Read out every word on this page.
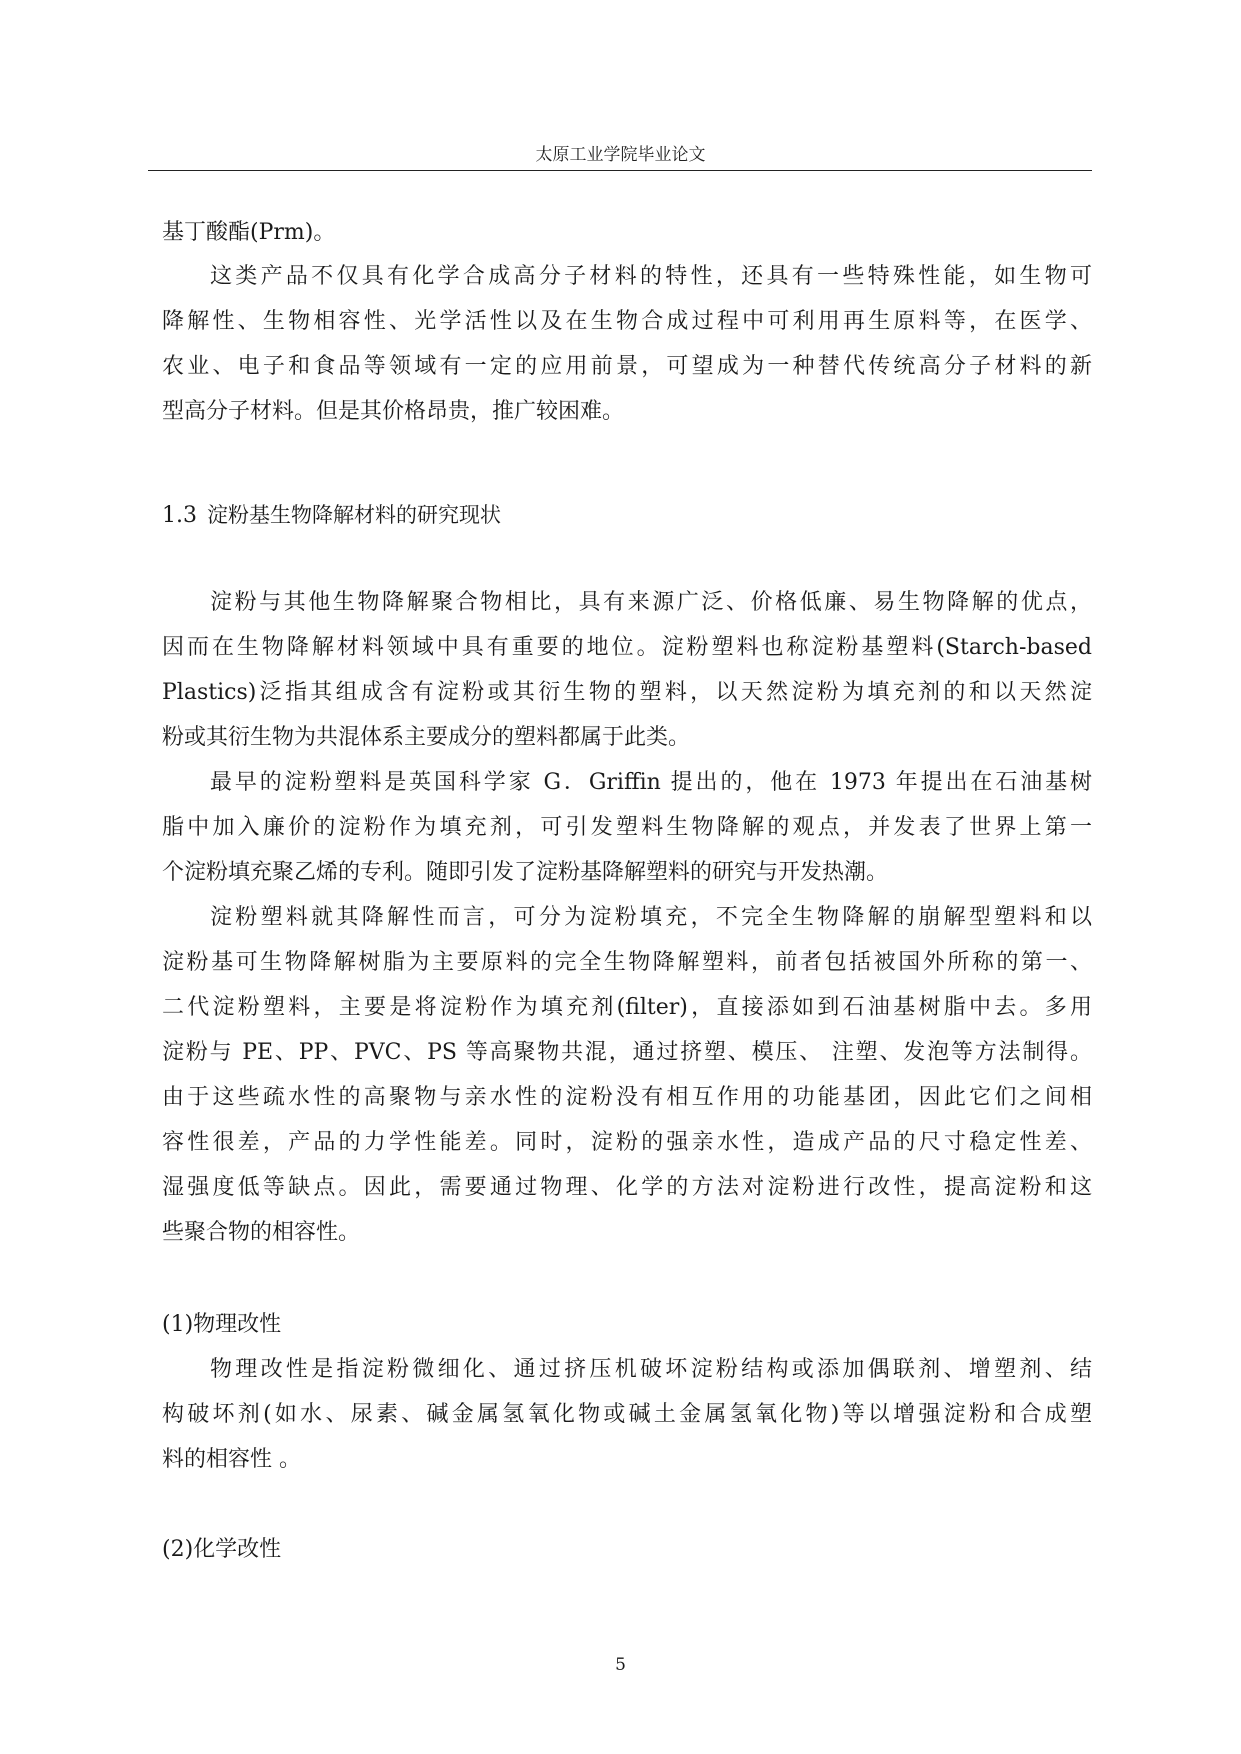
太原工业学院毕业论文
基丁酸酯(Prm)。
这类产品不仅具有化学合成高分子材料的特性，还具有一些特殊性能，如生物可
降解性、生物相容性、光学活性以及在生物合成过程中可利用再生原料等，在医学、
农业、电子和食品等领域有一定的应用前景，可望成为一种替代传统高分子材料的新
型高分子材料。但是其价格昂贵，推广较困难。
1.3 淀粉基生物降解材料的研究现状
淀粉与其他生物降解聚合物相比，具有来源广泛、价格低廉、易生物降解的优点，
因而在生物降解材料领域中具有重要的地位。淀粉塑料也称淀粉基塑料(Starch-based
Plastics)泛指其组成含有淀粉或其衍生物的塑料，以天然淀粉为填充剂的和以天然淀
粉或其衍生物为共混体系主要成分的塑料都属于此类。
最早的淀粉塑料是英国科学家 G．Griffin 提出的，他在 1973 年提出在石油基树
脂中加入廉价的淀粉作为填充剂，可引发塑料生物降解的观点，并发表了世界上第一
个淀粉填充聚乙烯的专利。随即引发了淀粉基降解塑料的研究与开发热潮。
淀粉塑料就其降解性而言，可分为淀粉填充，不完全生物降解的崩解型塑料和以
淀粉基可生物降解树脂为主要原料的完全生物降解塑料，前者包括被国外所称的第一、
二代淀粉塑料，主要是将淀粉作为填充剂(filter)，直接添如到石油基树脂中去。多用
淀粉与 PE、PP、PVC、PS 等高聚物共混，通过挤塑、模压、 注塑、发泡等方法制得。
由于这些疏水性的高聚物与亲水性的淀粉没有相互作用的功能基团，因此它们之间相
容性很差，产品的力学性能差。同时，淀粉的强亲水性，造成产品的尺寸稳定性差、
湿强度低等缺点。因此，需要通过物理、化学的方法对淀粉进行改性，提高淀粉和这
些聚合物的相容性。
(1)物理改性
物理改性是指淀粉微细化、通过挤压机破坏淀粉结构或添加偶联剂、增塑剂、结
构破坏剂(如水、尿素、碱金属氢氧化物或碱土金属氢氧化物)等以增强淀粉和合成塑
料的相容性 。
(2)化学改性
5
